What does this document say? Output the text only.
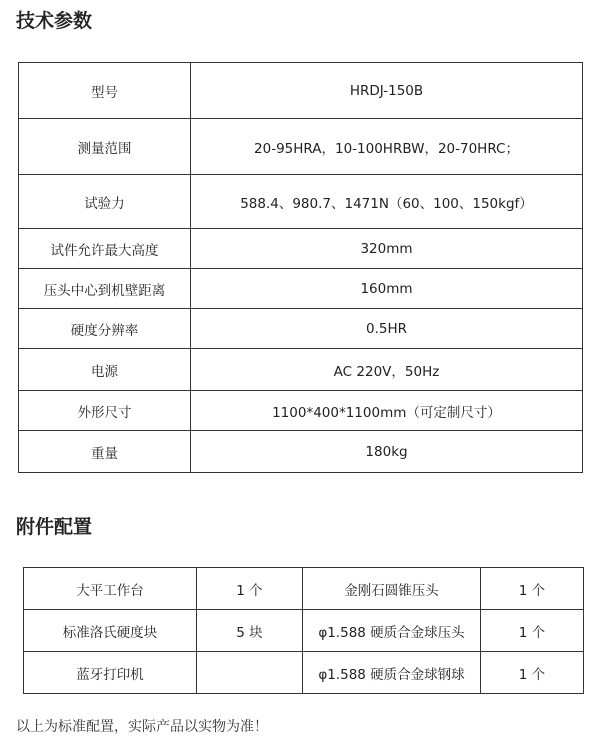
技术参数
型号	HRDJ-150B
测量范围	20-95HRA，10-100HRBW，20-70HRC；
试验力	588.4、980.7、1471N（60、100、150kgf）
试件允许最大高度	320mm
压头中心到机壁距离	160mm
硬度分辨率	0.5HR
电源	AC 220V，50Hz
外形尺寸	1100*400*1100mm（可定制尺寸）
重量	180kg
附件配置
大平工作台	1 个	金刚石圆锥压头	1 个
标准洛氏硬度块	5 块	φ1.588 硬质合金球压头	1 个
蓝牙打印机		φ1.588 硬质合金球钢球	1 个

以上为标准配置，实际产品以实物为准！
